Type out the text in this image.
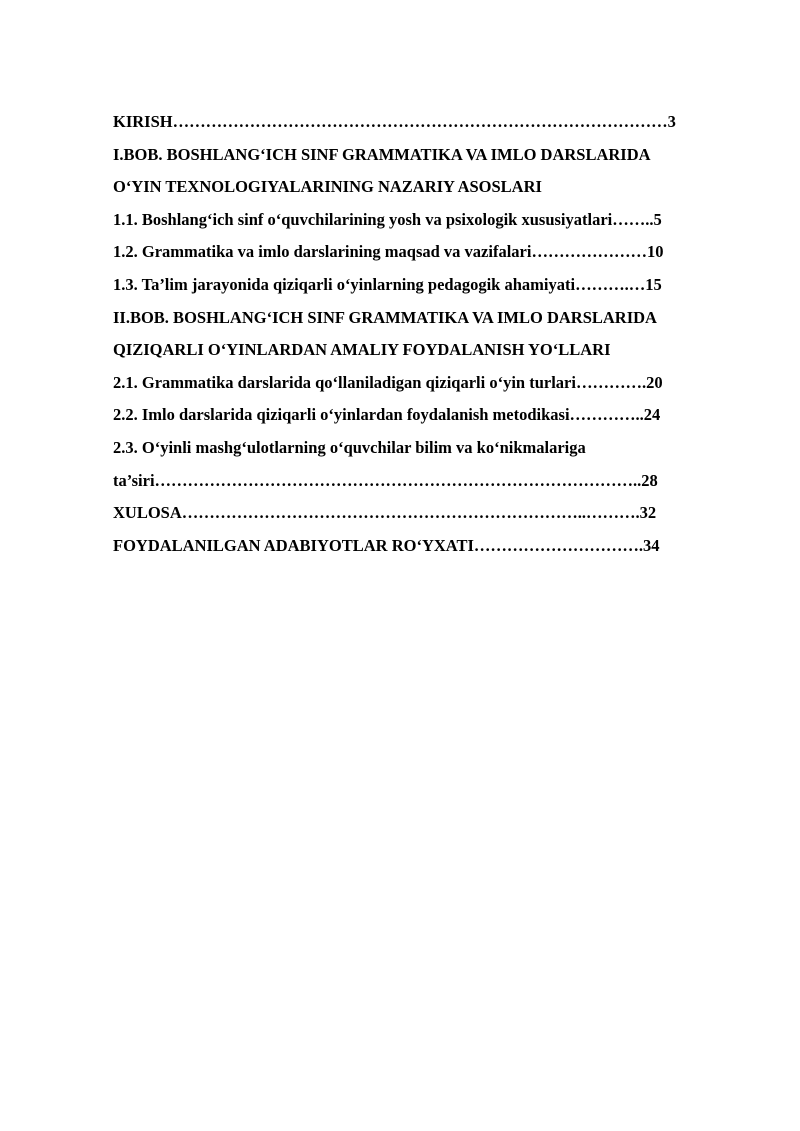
KIRISH………………………………………………………………………………3
I.BOB. BOSHLANG‘ICH SINF GRAMMATIKA VA IMLO DARSLARIDA
O‘YIN TEXNOLOGIYALARINING NAZARIY ASOSLARI
1.1. Boshlang‘ich sinf o‘quvchilarining yosh va psixologik xususiyatlari……..5
1.2. Grammatika va imlo darslarining maqsad va vazifalari…………………10
1.3. Ta’lim jarayonida qiziqarli o‘yinlarning pedagogik ahamiyati……….…15
II.BOB. BOSHLANG‘ICH SINF GRAMMATIKA VA IMLO DARSLARIDA
QIZIQARLI O‘YINLARDAN AMALIY FOYDALANISH YO‘LLARI
2.1. Grammatika darslarida qo‘llaniladigan qiziqarli o‘yin turlari………….20
2.2. Imlo darslarida qiziqarli o‘yinlardan foydalanish metodikasi…………..24
2.3. O‘yinli mashg‘ulotlarning o‘quvchilar bilim va ko‘nikmalariga
ta’siri……………………………………………………………………………..28
XULOSA………………………………………………………………..……….32
FOYDALANILGAN ADABIYOTLAR RO‘YXATI………………………….34
